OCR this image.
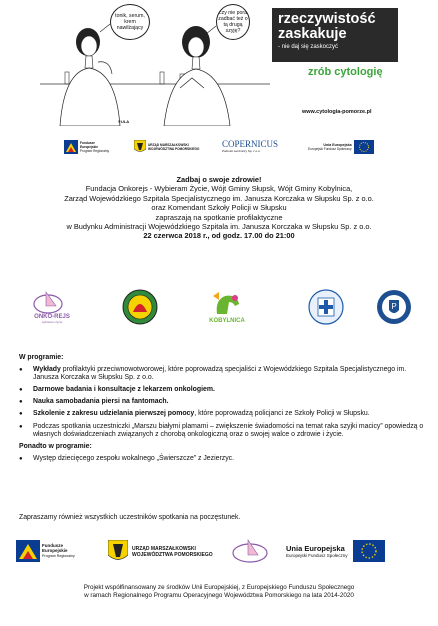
tonik, serum, krem nawilżający
czy nie pora zadbać też o tą drugą szyję?
©ULA
rzeczywistość zaskakuje
- nie daj się zaskoczyć
zrób cytologię
www.cytologia-pomorze.pl
Fundusze
Europejskie
Program Regionalny
URZĄD MARSZAŁKOWSKI
WOJEWÓDZTWA POMORSKIEGO	COPERNICUS
Podmiot Leczniczy Sp. z o.o.
Unia Europejska
Europejski Fundusz Społeczny
Zadbaj o swoje zdrowie!
Fundacja Onkorejs - Wybieram Życie, Wójt Gminy Słupsk, Wójt Gminy Kobylnica,
Zarząd Wojewódzkiego Szpitala Specjalistycznego im. Janusza Korczaka w Słupsku Sp. z o.o.
oraz Komendant Szkoły Policji w Słupsku
zapraszają na spotkanie profilaktyczne
w Budynku Administracji Wojewódzkiego Szpitala im. Janusza Korczaka w Słupsku Sp. z o.o.
22 czerwca 2018 r., od godz. 17.00 do 21:00
ONKO-REJS
wybieram życie	KOBYLNICA
P
W programie:
● Wykłady profilaktyki przeciwnowotworowej, które poprowadzą specjaliści z Wojewódzkiego Szpitala Specjalistycznego im. Janusza Korczaka w Słupsku Sp. z o.o.
● Darmowe badania i konsultacje z lekarzem onkologiem.
● Nauka samobadania piersi na fantomach.
● Szkolenie z zakresu udzielania pierwszej pomocy, które poprowadzą policjanci ze Szkoły Policji w Słupsku.
● Podczas spotkania uczestniczki „Marszu białymi plamami – zwiększenie świadomości na temat raka szyjki macicy” opowiedzą o własnych doświadczeniach związanych z chorobą onkologiczną oraz o swojej walce o zdrowie i życie.
Ponadto w programie:
● Występ dziecięcego zespołu wokalnego „Świerszcze” z Jezierzyc.
Zapraszamy również wszystkich uczestników spotkania na poczęstunek.
Fundusze
Europejskie
Program Regionalny
URZĄD MARSZAŁKOWSKI
WOJEWÓDZTWA POMORSKIEGO
Unia Europejska
Europejski Fundusz Społeczny
Projekt współfinansowany ze środków Unii Europejskiej, z Europejskiego Funduszu Społecznego
w ramach Regionalnego Programu Operacyjnego Województwa Pomorskiego na lata 2014-2020
